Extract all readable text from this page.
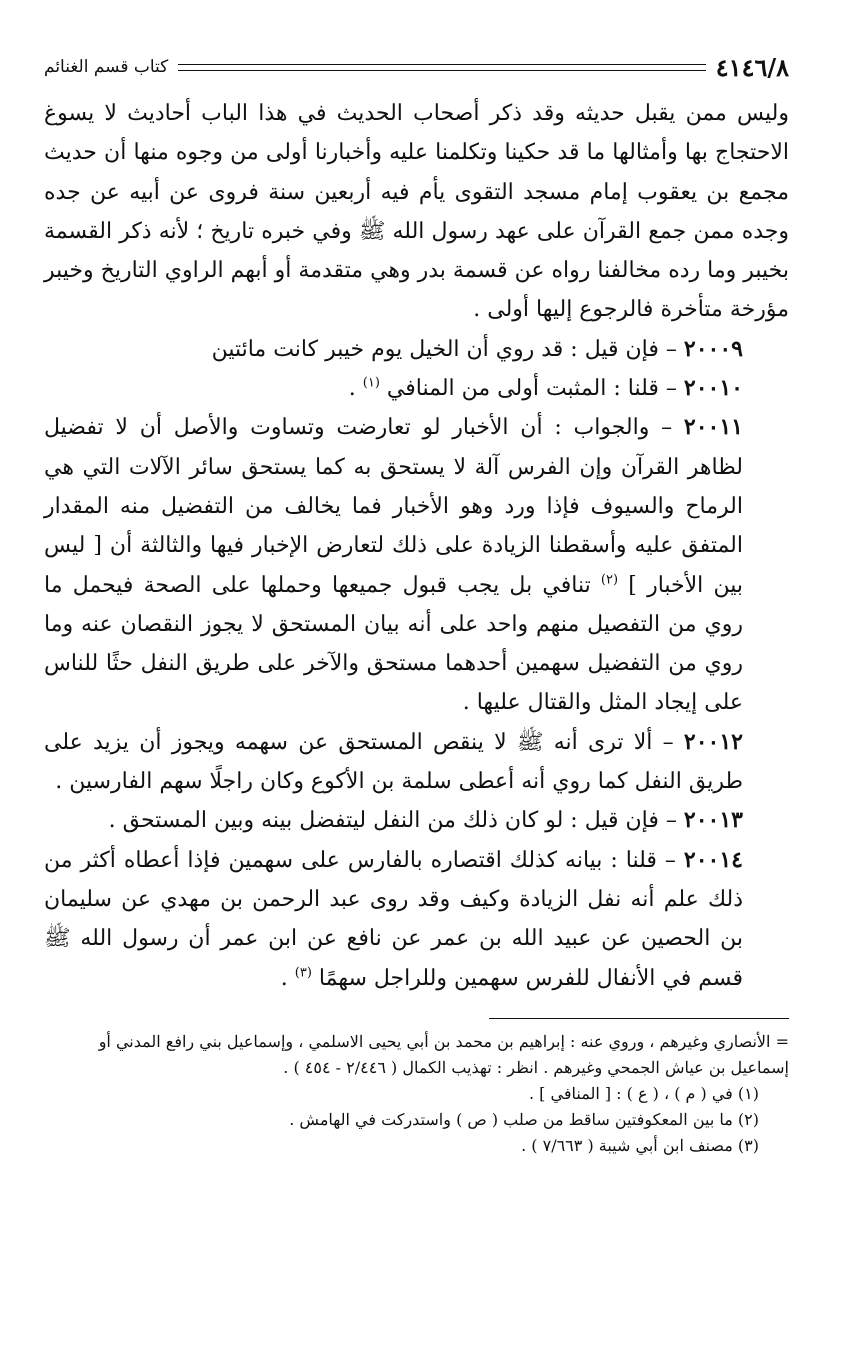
٤١٤٦/٨
كتاب قسم الغنائم

وليس ممن يقبل حديثه وقد ذكر أصحاب الحديث في هذا الباب أحاديث لا يسوغ الاحتجاج بها وأمثالها ما قد حكينا وتكلمنا عليه وأخبارنا أولى من وجوه منها أن حديث مجمع بن يعقوب إمام مسجد التقوى يأم فيه أربعين سنة فروى عن أبيه عن جده وجده ممن جمع القرآن على عهد رسول الله ﷺ وفي خبره تاريخ ؛ لأنه ذكر القسمة بخيبر وما رده مخالفنا رواه عن قسمة بدر وهي متقدمة أو أبهم الراوي التاريخ وخيبر مؤرخة متأخرة فالرجوع إليها أولى .

٢٠٠٠٩ – فإن قيل : قد روي أن الخيل يوم خيبر كانت مائتين

٢٠٠١٠ – قلنا : المثبت أولى من المنافي $^{(١)}$ .

٢٠٠١١ – والجواب : أن الأخبار لو تعارضت وتساوت والأصل أن لا تفضيل لظاهر القرآن وإن الفرس آلة لا يستحق به كما يستحق سائر الآلات التي هي الرماح والسيوف فإذا ورد وهو الأخبار فما يخالف من التفضيل منه المقدار المتفق عليه وأسقطنا الزيادة على ذلك لتعارض الإخبار فيها والثالثة أن [ ليس بين الأخبار ] $^{(٢)}$ تنافي بل يجب قبول جميعها وحملها على الصحة فيحمل ما روي من التفصيل منهم واحد على أنه بيان المستحق لا يجوز النقصان عنه وما روي من التفضيل سهمين أحدهما مستحق والآخر على طريق النفل حثًا للناس على إيجاد المثل والقتال عليها .

٢٠٠١٢ – ألا ترى أنه ﷺ لا ينقص المستحق عن سهمه ويجوز أن يزيد على طريق النفل كما روي أنه أعطى سلمة بن الأكوع وكان راجلًا سهم الفارسين .

٢٠٠١٣ – فإن قيل : لو كان ذلك من النفل ليتفضل بينه وبين المستحق .

٢٠٠١٤ – قلنا : بيانه كذلك اقتصاره بالفارس على سهمين فإذا أعطاه أكثر من ذلك علم أنه نفل الزيادة وكيف وقد روى عبد الرحمن بن مهدي عن سليمان بن الحصين عن عبيد الله بن عمر عن نافع عن ابن عمر أن رسول الله ﷺ قسم في الأنفال للفرس سهمين وللراجل سهمًا $^{(٣)}$ .

= الأنصاري وغيرهم ، وروي عنه : إبراهيم بن محمد بن أبي يحيى الاسلمي ، وإسماعيل بني رافع المدني أو إسماعيل بن عياش الجمحي وغيرهم . انظر : تهذيب الكمال ( ٢/٤٤٦ - ٤٥٤ ) .

(١) في ( م ) ، ( ع ) : [ المنافي ] .

(٢) ما بين المعكوفتين ساقط من صلب ( ص ) واستدركت في الهامش .

(٣) مصنف ابن أبي شيبة ( ٧/٦٦٣ ) .
